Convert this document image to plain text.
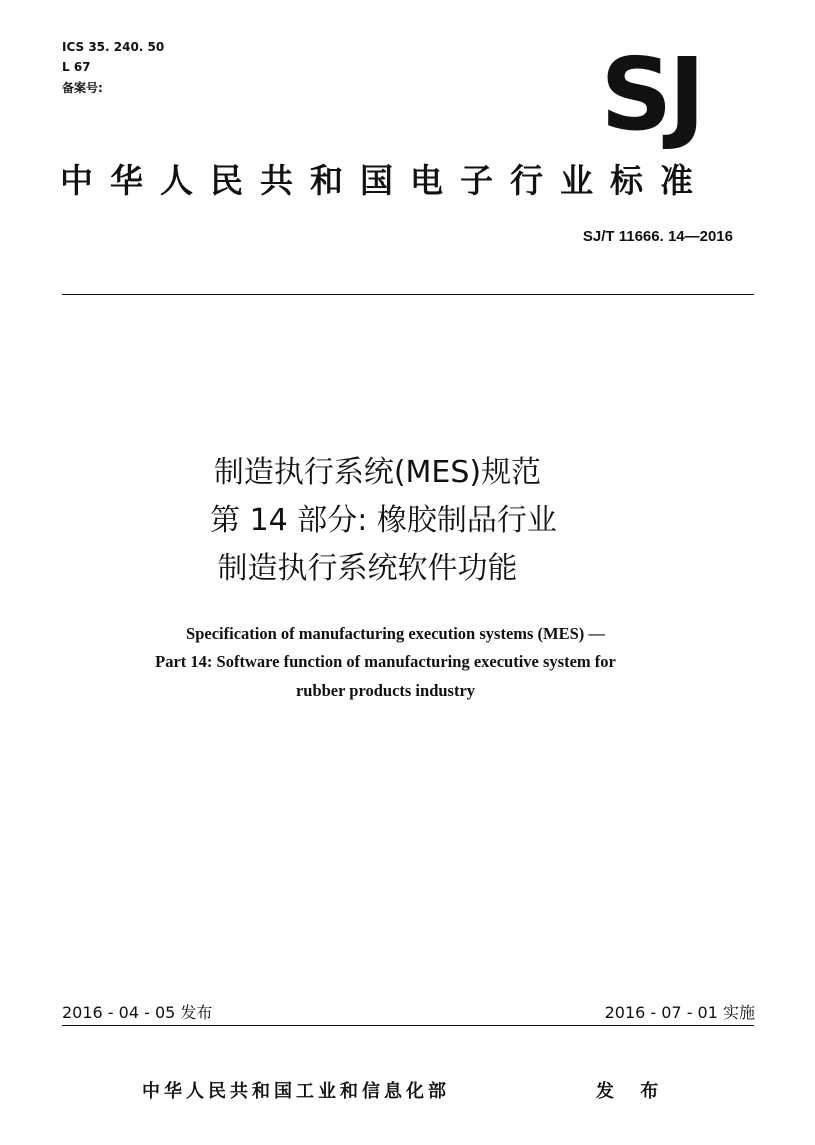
ICS 35. 240. 50
L 67
备案号:	SJ
中华人民共和国电子行业标准
SJ/T 11666. 14—2016
制造执行系统(MES)规范
第 14 部分: 橡胶制品行业
制造执行系统软件功能
Specification of manufacturing execution systems (MES) —
Part 14: Software function of manufacturing executive system for
rubber products industry
2016 - 04 - 05 发布	2016 - 07 - 01 实施
中华人民共和国工业和信息化部	发 布
